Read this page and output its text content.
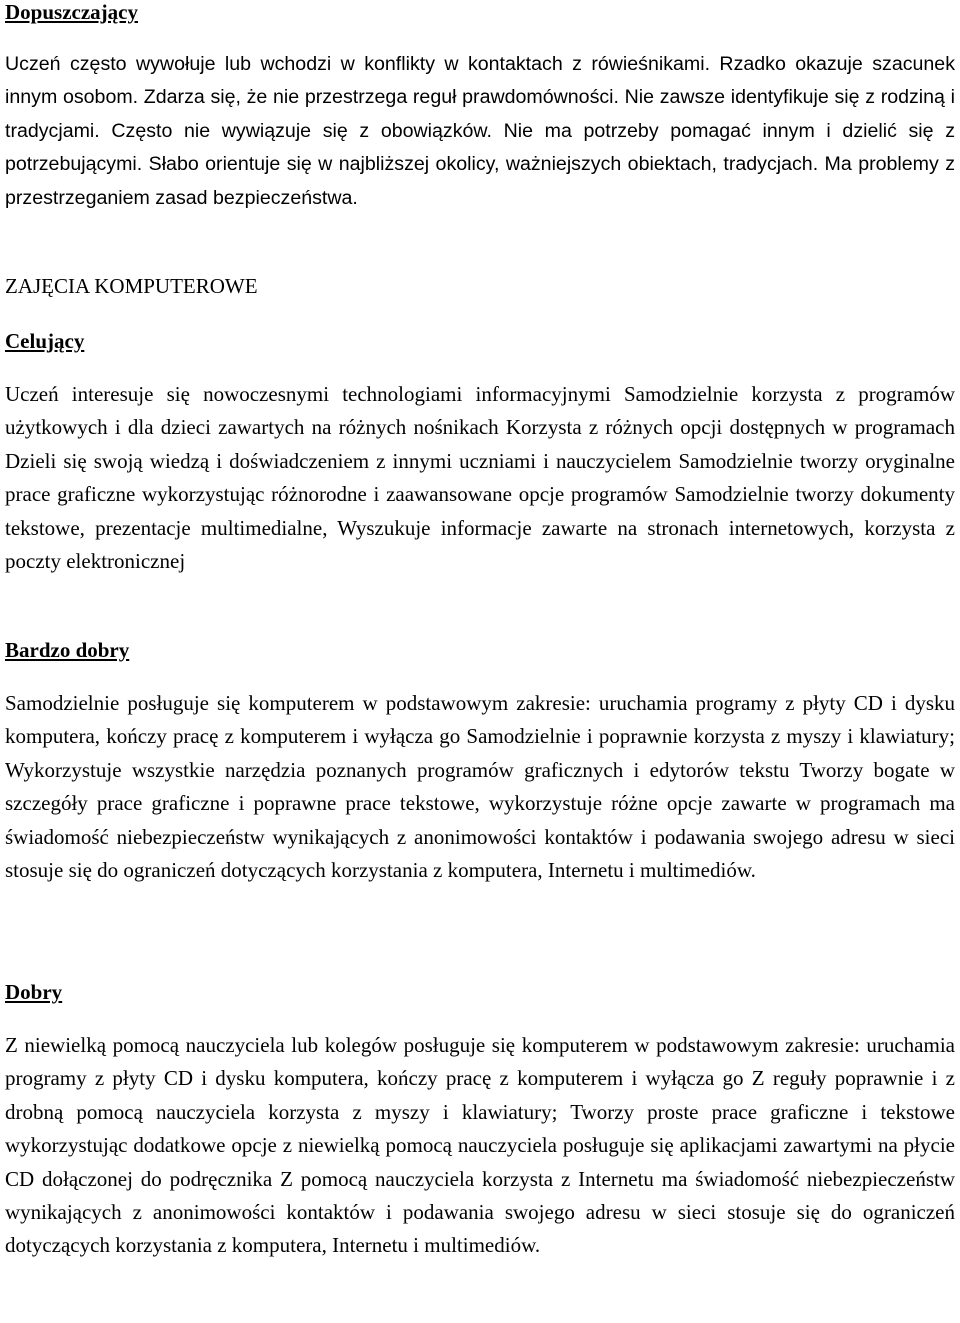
Dopuszczający

Uczeń często wywołuje lub wchodzi w konflikty w kontaktach z rówieśnikami. Rzadko okazuje szacunek innym osobom. Zdarza się, że nie przestrzega reguł prawdomówności. Nie zawsze identyfikuje się z rodziną i tradycjami. Często nie wywiązuje się z obowiązków. Nie ma potrzeby pomagać innym i dzielić się z potrzebującymi. Słabo orientuje się w najbliższej okolicy, ważniejszych obiektach, tradycjach. Ma problemy z przestrzeganiem zasad bezpieczeństwa.

ZAJĘCIA KOMPUTEROWE
Celujący

Uczeń interesuje się nowoczesnymi technologiami informacyjnymi Samodzielnie korzysta z programów użytkowych i dla dzieci zawartych na różnych nośnikach Korzysta z różnych opcji dostępnych w programach Dzieli się swoją wiedzą i doświadczeniem z innymi uczniami i nauczycielem Samodzielnie tworzy oryginalne prace graficzne wykorzystując różnorodne i zaawansowane opcje programów Samodzielnie tworzy dokumenty tekstowe, prezentacje multimedialne, Wyszukuje informacje zawarte na stronach internetowych, korzysta z poczty elektronicznej

Bardzo dobry

Samodzielnie posługuje się komputerem w podstawowym zakresie: uruchamia programy z płyty CD i dysku komputera, kończy pracę z komputerem i wyłącza go Samodzielnie i poprawnie korzysta z myszy i klawiatury; Wykorzystuje wszystkie narzędzia poznanych programów graficznych i edytorów tekstu Tworzy bogate w szczegóły prace graficzne i poprawne prace tekstowe, wykorzystuje różne opcje zawarte w programach ma świadomość niebezpieczeństw wynikających z anonimowości kontaktów i podawania swojego adresu w sieci stosuje się do ograniczeń dotyczących korzystania z komputera, Internetu i multimediów.

Dobry

Z niewielką pomocą nauczyciela lub kolegów posługuje się komputerem w podstawowym zakresie: uruchamia programy z płyty CD i dysku komputera, kończy pracę z komputerem i wyłącza go Z reguły poprawnie i z drobną pomocą nauczyciela korzysta z myszy i klawiatury; Tworzy proste prace graficzne i tekstowe wykorzystując dodatkowe opcje z niewielką pomocą nauczyciela posługuje się aplikacjami zawartymi na płycie CD dołączonej do podręcznika Z pomocą nauczyciela korzysta z Internetu ma świadomość niebezpieczeństw wynikających z anonimowości kontaktów i podawania swojego adresu w sieci stosuje się do ograniczeń dotyczących korzystania z komputera, Internetu i multimediów.
